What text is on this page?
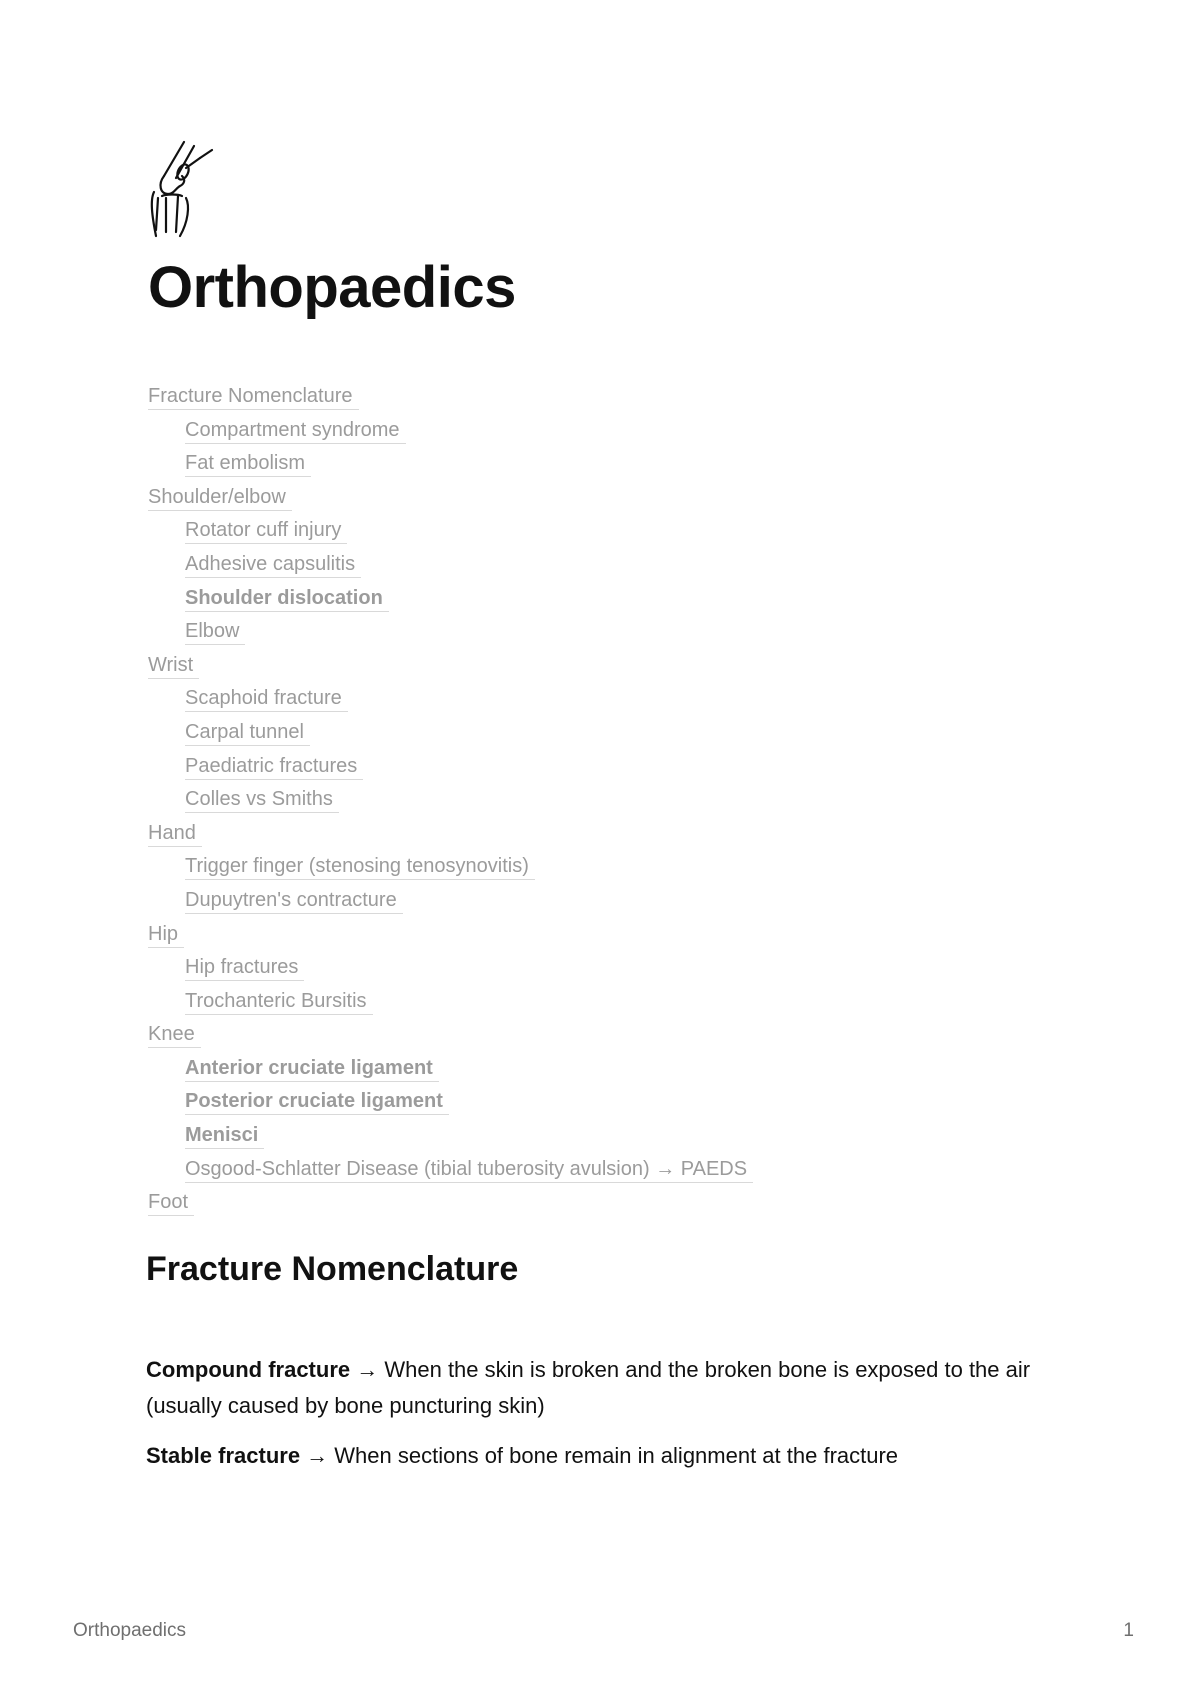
Orthopaedics
Fracture Nomenclature
Compartment syndrome
Fat embolism
Shoulder/elbow
Rotator cuff injury
Adhesive capsulitis
Shoulder dislocation
Elbow
Wrist
Scaphoid fracture
Carpal tunnel
Paediatric fractures
Colles vs Smiths
Hand
Trigger finger (stenosing tenosynovitis)
Dupuytren's contracture
Hip
Hip fractures
Trochanteric Bursitis
Knee
Anterior cruciate ligament
Posterior cruciate ligament
Menisci
Osgood-Schlatter Disease (tibial tuberosity avulsion) → PAEDS
Foot
Fracture Nomenclature

Compound fracture → When the skin is broken and the broken bone is exposed to the air (usually caused by bone puncturing skin)

Stable fracture → When sections of bone remain in alignment at the fracture

Orthopaedics	1
